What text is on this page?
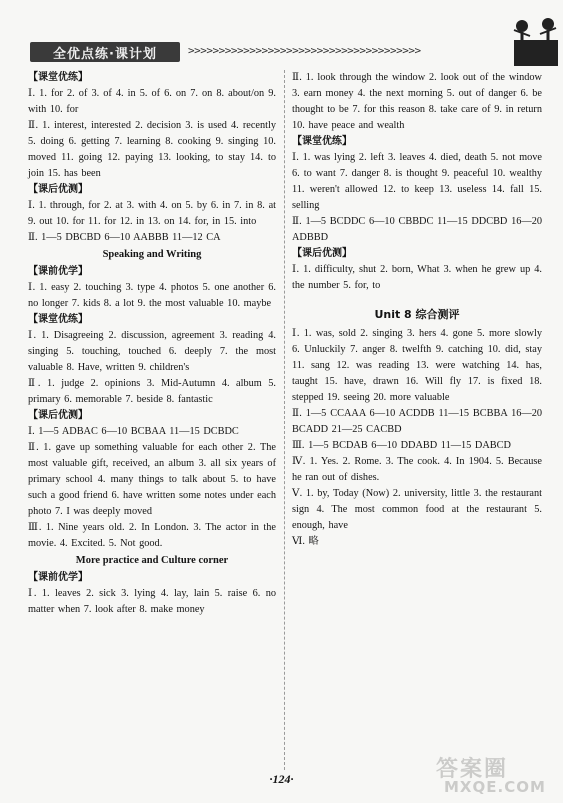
全优点练·课计划	>>>>>>>>>>>>>>>>>>>>>>>>>>>>>>>>>>>>>>
【课堂优练】
Ⅰ. 1. for 2. of 3. of 4. in 5. of 6. on 7. on 8. about/on 9. with 10. for
Ⅱ. 1. interest, interested 2. decision 3. is used 4. recently 5. doing 6. getting 7. learning 8. cooking 9. singing 10. moved 11. going 12. paying 13. looking, to stay 14. to join 15. has been
【课后优测】
Ⅰ. 1. through, for 2. at 3. with 4. on 5. by 6. in 7. in 8. at 9. out 10. for 11. for 12. in 13. on 14. for, in 15. into
Ⅱ. 1—5 DBCBD 6—10 AABBB 11—12 CA
Speaking and Writing
【课前优学】
Ⅰ. 1. easy 2. touching 3. type 4. photos 5. one another 6. no longer 7. kids 8. a lot 9. the most valuable 10. maybe
【课堂优练】
Ⅰ. 1. Disagreeing 2. discussion, agreement 3. reading 4. singing 5. touching, touched 6. deeply 7. the most valuable 8. Have, written 9. children's
Ⅱ. 1. judge 2. opinions 3. Mid-Autumn 4. album 5. primary 6. memorable 7. beside 8. fantastic
【课后优测】
Ⅰ. 1—5 ADBAC 6—10 BCBAA 11—15 DCBDC
Ⅱ. 1. gave up something valuable for each other 2. The most valuable gift, received, an album 3. all six years of primary school 4. many things to talk about 5. to have such a good friend 6. have written some notes under each photo 7. I was deeply moved
Ⅲ. 1. Nine years old. 2. In London. 3. The actor in the movie. 4. Excited. 5. Not good.
More practice and Culture corner
【课前优学】
Ⅰ. 1. leaves 2. sick 3. lying 4. lay, lain 5. raise 6. no matter when 7. look after 8. make money
Ⅱ. 1. look through the window 2. look out of the window 3. earn money 4. the next morning 5. out of danger 6. be thought to be 7. for this reason 8. take care of 9. in return 10. have peace and wealth
【课堂优练】
Ⅰ. 1. was lying 2. left 3. leaves 4. died, death 5. not move 6. to want 7. danger 8. is thought 9. peaceful 10. wealthy 11. weren't allowed 12. to keep 13. useless 14. fall 15. selling
Ⅱ. 1—5 BCDDC 6—10 CBBDC 11—15 DDCBD 16—20 ADBBD
【课后优测】
Ⅰ. 1. difficulty, shut 2. born, What 3. when he grew up 4. the number 5. for, to
Unit 8 综合测评
Ⅰ. 1. was, sold 2. singing 3. hers 4. gone 5. more slowly 6. Unluckily 7. anger 8. twelfth 9. catching 10. did, stay 11. sang 12. was reading 13. were watching 14. has, taught 15. have, drawn 16. Will fly 17. is fixed 18. stepped 19. seeing 20. more valuable
Ⅱ. 1—5 CCAAA 6—10 ACDDB 11—15 BCBBA 16—20 BCADD 21—25 CACBD
Ⅲ. 1—5 BCDAB 6—10 DDABD 11—15 DABCD
Ⅳ. 1. Yes. 2. Rome. 3. The cook. 4. In 1904. 5. Because he ran out of dishes.
Ⅴ. 1. by, Today (Now) 2. university, little 3. the restaurant sign 4. The most common food at the restaurant 5. enough, have
Ⅵ. 略
·124·	答案圈
MXQE.COM
